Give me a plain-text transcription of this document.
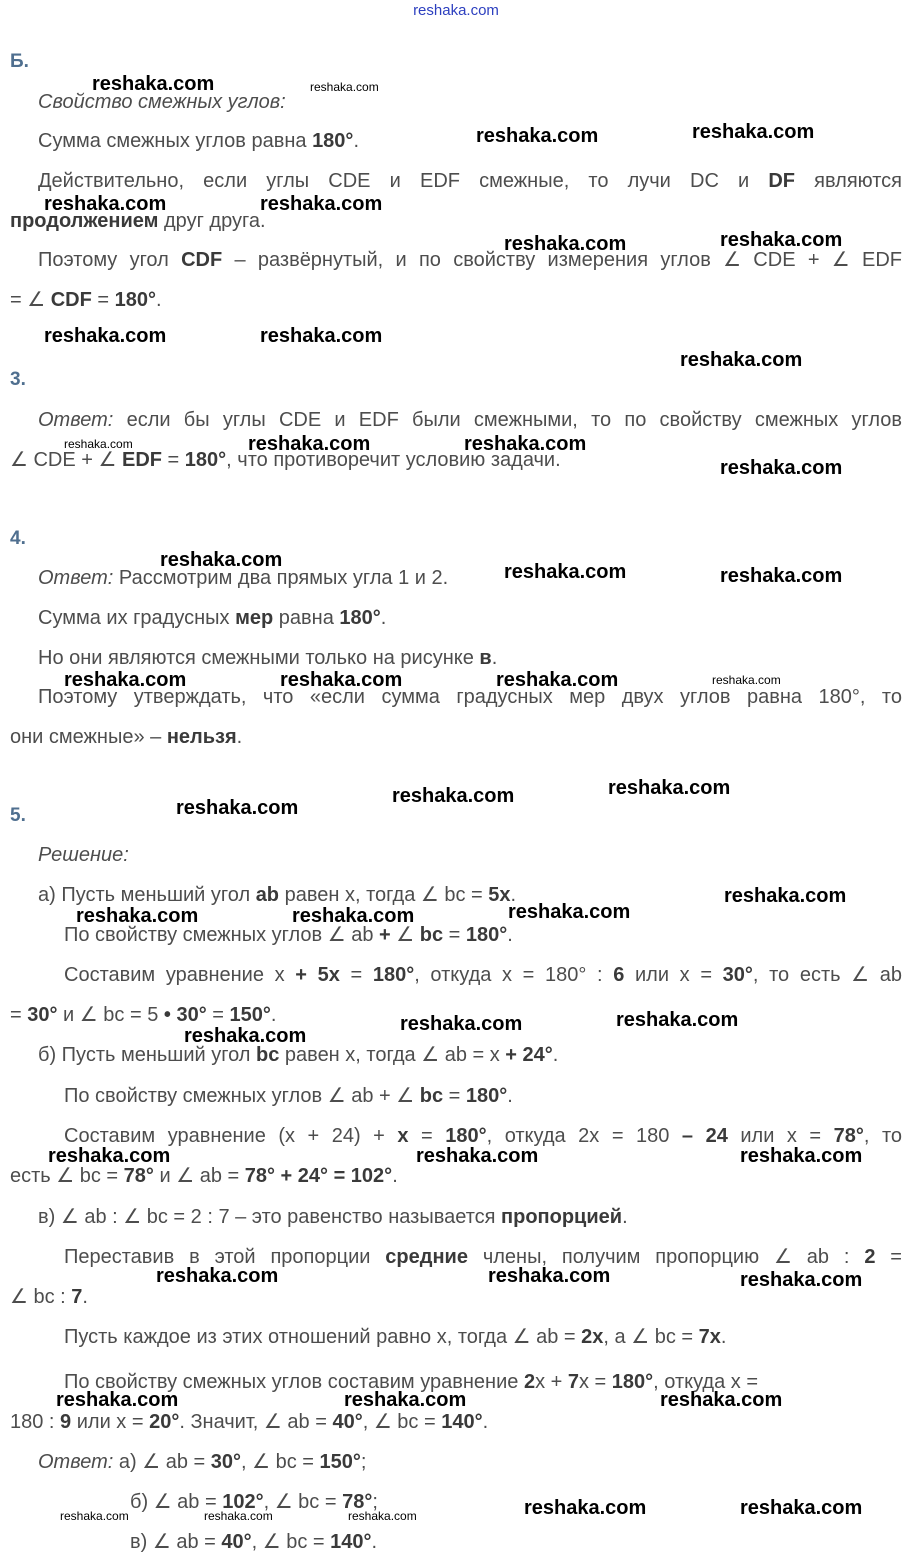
reshaka.com
Б.
Свойство смежных углов:
Сумма смежных углов равна 180°.
Действительно, если углы CDE и EDF смежные, то лучи DC и DF являются
продолжением друг друга.
Поэтому угол CDF – развёрнутый, и по свойству измерения углов ∠ CDE + ∠ EDF
= ∠ CDF = 180°.
3.
Ответ: если бы углы CDE и EDF были смежными, то по свойству смежных углов
∠ CDE + ∠ EDF = 180°, что противоречит условию задачи.
4.
Ответ: Рассмотрим два прямых угла 1 и 2.
Сумма их градусных мер равна 180°.
Но они являются смежными только на рисунке в.
Поэтому утверждать, что «если сумма градусных мер двух углов равна 180°, то
они смежные» – нельзя.
5.
Решение:
а) Пусть меньший угол ab равен x, тогда ∠ bc = 5x.
По свойству смежных углов ∠ ab + ∠ bc = 180°.
Составим уравнение x + 5x = 180°, откуда x = 180° : 6 или x = 30°, то есть ∠ ab
= 30° и ∠ bc = 5 • 30° = 150°.
б) Пусть меньший угол bc равен x, тогда ∠ ab = x + 24°.
По свойству смежных углов ∠ ab + ∠ bc = 180°.
Составим уравнение (x + 24) + x = 180°, откуда 2x = 180 – 24 или x = 78°, то
есть ∠ bc = 78° и ∠ ab = 78° + 24° = 102°.
в) ∠ ab : ∠ bc = 2 : 7 – это равенство называется пропорцией.
Переставив в этой пропорции средние члены, получим пропорцию ∠ ab : 2 =
∠ bc : 7.
Пусть каждое из этих отношений равно x, тогда ∠ ab = 2x, а ∠ bc = 7x.
По свойству смежных углов составим уравнение 2x + 7x = 180°, откуда x =
180 : 9 или x = 20°. Значит, ∠ ab = 40°, ∠ bc = 140°.
Ответ: а) ∠ ab = 30°, ∠ bc = 150°;
б) ∠ ab = 102°, ∠ bc = 78°;
в) ∠ ab = 40°, ∠ bc = 140°.
reshaka.com	reshaka.com
reshaka.com	reshaka.com
reshaka.com	reshaka.com
reshaka.com	reshaka.com
reshaka.com	reshaka.com
reshaka.com
reshaka.com	reshaka.com	reshaka.com
reshaka.com
reshaka.com
reshaka.com	reshaka.com
reshaka.com	reshaka.com	reshaka.com	reshaka.com
reshaka.com
reshaka.com	reshaka.com
reshaka.com
reshaka.com	reshaka.com	reshaka.com
reshaka.com
reshaka.com	reshaka.com
reshaka.com	reshaka.com	reshaka.com
reshaka.com	reshaka.com	reshaka.com
reshaka.com	reshaka.com	reshaka.com
reshaka.com	reshaka.com	reshaka.com	reshaka.com	reshaka.com
